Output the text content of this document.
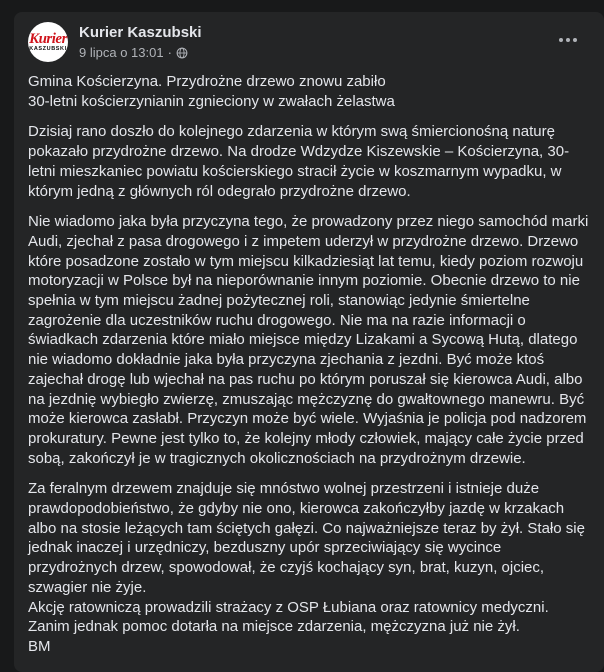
Kurier
KASZUBSKI
Kurier Kaszubski
9 lipca o 13:01 ·

Gmina Kościerzyna. Przydrożne drzewo znowu zabiło
30-letni kościerzynianin zgnieciony w zwałach żelastwa

Dzisiaj rano doszło do kolejnego zdarzenia w którym swą śmiercionośną naturę pokazało przydrożne drzewo. Na drodze Wdzydze Kiszewskie – Kościerzyna, 30-letni mieszkaniec powiatu kościerskiego stracił życie w koszmarnym wypadku, w którym jedną z głównych ról odegrało przydrożne drzewo.

Nie wiadomo jaka była przyczyna tego, że prowadzony przez niego samochód marki Audi, zjechał z pasa drogowego i z impetem uderzył w przydrożne drzewo. Drzewo które posadzone zostało w tym miejscu kilkadziesiąt lat temu, kiedy poziom rozwoju motoryzacji w Polsce był na nieporównanie innym poziomie. Obecnie drzewo to nie spełnia w tym miejscu żadnej pożytecznej roli, stanowiąc jedynie śmiertelne zagrożenie dla uczestników ruchu drogowego. Nie ma na razie informacji o świadkach zdarzenia które miało miejsce między Lizakami a Sycową Hutą, dlatego nie wiadomo dokładnie jaka była przyczyna zjechania z jezdni. Być może ktoś zajechał drogę lub wjechał na pas ruchu po którym poruszał się kierowca Audi, albo na jezdnię wybiegło zwierzę, zmuszając mężczyznę do gwałtownego manewru. Być może kierowca zasłabł. Przyczyn może być wiele. Wyjaśnia je policja pod nadzorem prokuratury. Pewne jest tylko to, że kolejny młody człowiek, mający całe życie przed sobą, zakończył je w tragicznych okolicznościach na przydrożnym drzewie.

Za feralnym drzewem znajduje się mnóstwo wolnej przestrzeni i istnieje duże prawdopodobieństwo, że gdyby nie ono, kierowca zakończyłby jazdę w krzakach albo na stosie leżących tam ściętych gałęzi. Co najważniejsze teraz by żył. Stało się jednak inaczej i urzędniczy, bezduszny upór sprzeciwiający się wycince przydrożnych drzew, spowodował, że czyjś kochający syn, brat, kuzyn, ojciec, szwagier nie żyje.
Akcję ratowniczą prowadzili strażacy z OSP Łubiana oraz ratownicy medyczni. Zanim jednak pomoc dotarła na miejsce zdarzenia, mężczyzna już nie żył.
BM
